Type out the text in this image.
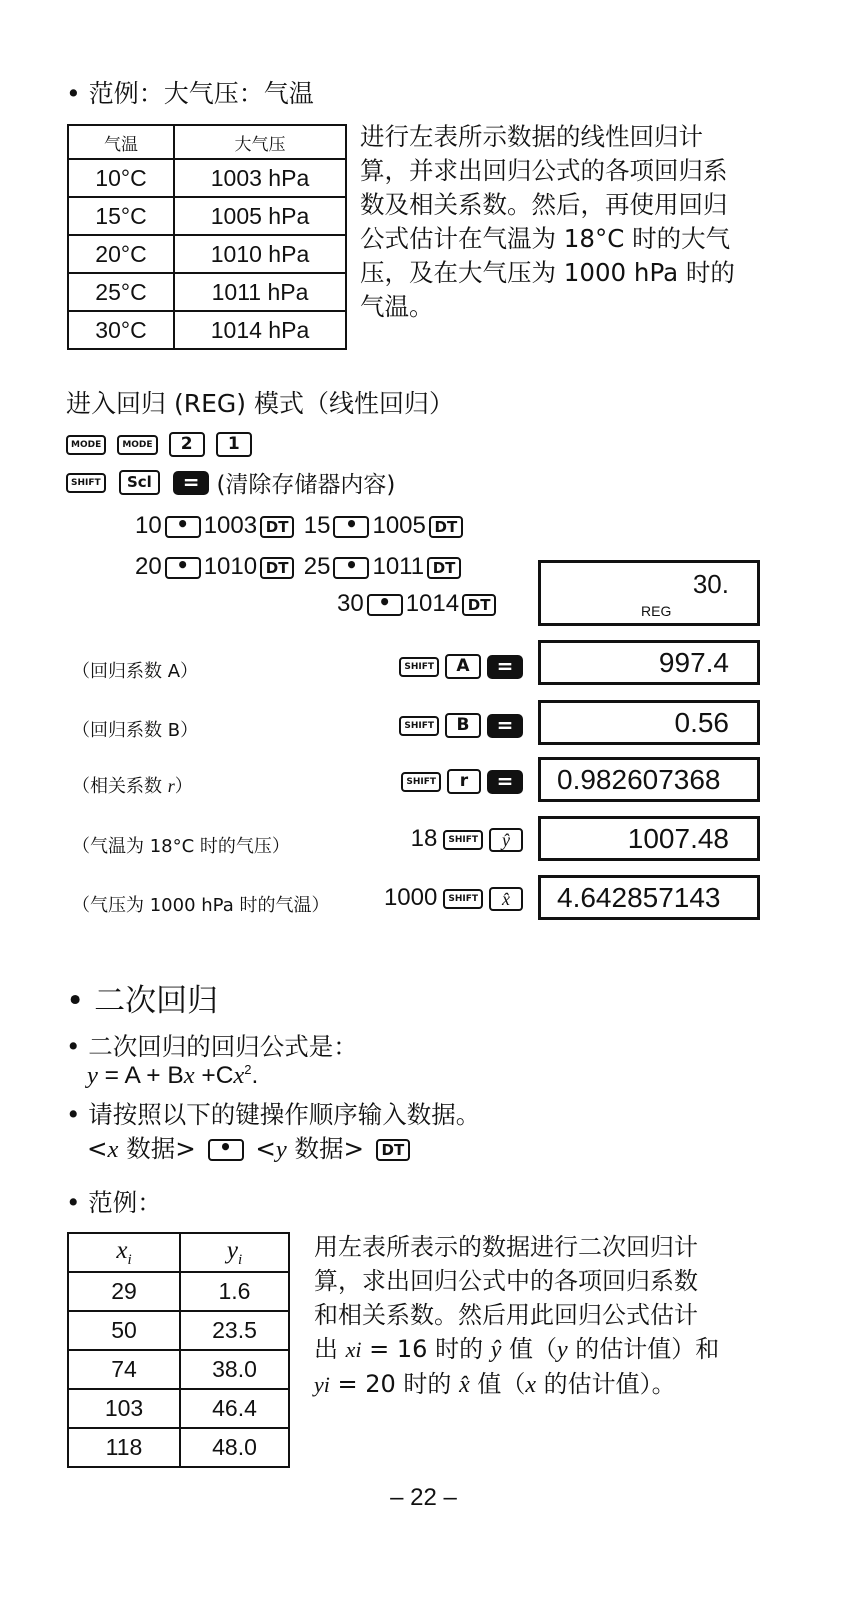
• 范例：大气压：气温
气温	大气压
10°C	1003 hPa
15°C	1005 hPa
20°C	1010 hPa
25°C	1011 hPa
30°C	1014 hPa
进行左表所示数据的线性回归计
算，并求出回归公式的各项回归系
数及相关系数。然后，再使用回归
公式估计在气温为 18°C 时的大气
压，及在大气压为 1000 hPa 时的
气温。
进入回归 (REG) 模式（线性回归）
MODE MODE 2 1
SHIFT Scl = (清除存储器内容)
10 • 1003 DT 15 • 1005 DT
20 • 1010 DT 25 • 1011 DT
30 • 1014 DT
30.
REG
（回归系数 A）	SHIFT A =	997.4
（回归系数 B）	SHIFT B =	0.56
（相关系数 r）	SHIFT r =	0.982607368
（气温为 18°C 时的气压）	18 SHIFT ŷ	1007.48
（气压为 1000 hPa 时的气温） 1000 SHIFT x̂	4.642857143
• 二次回归
• 二次回归的回归公式是：
$y = A + Bx +Cx^2$.
• 请按照以下的键操作顺序输入数据。
<x 数据> • <y 数据> DT
• 范例：
$x_i$	$y_i$
29	1.6
50	23.5
74	38.0
103	46.4
118	48.0
用左表所表示的数据进行二次回归计
算，求出回归公式中的各项回归系数
和相关系数。然后用此回归公式估计
出 xi = 16 时的 ŷ 值（y 的估计值）和
yi = 20 时的 x̂ 值（x 的估计值）。
– 22 –
